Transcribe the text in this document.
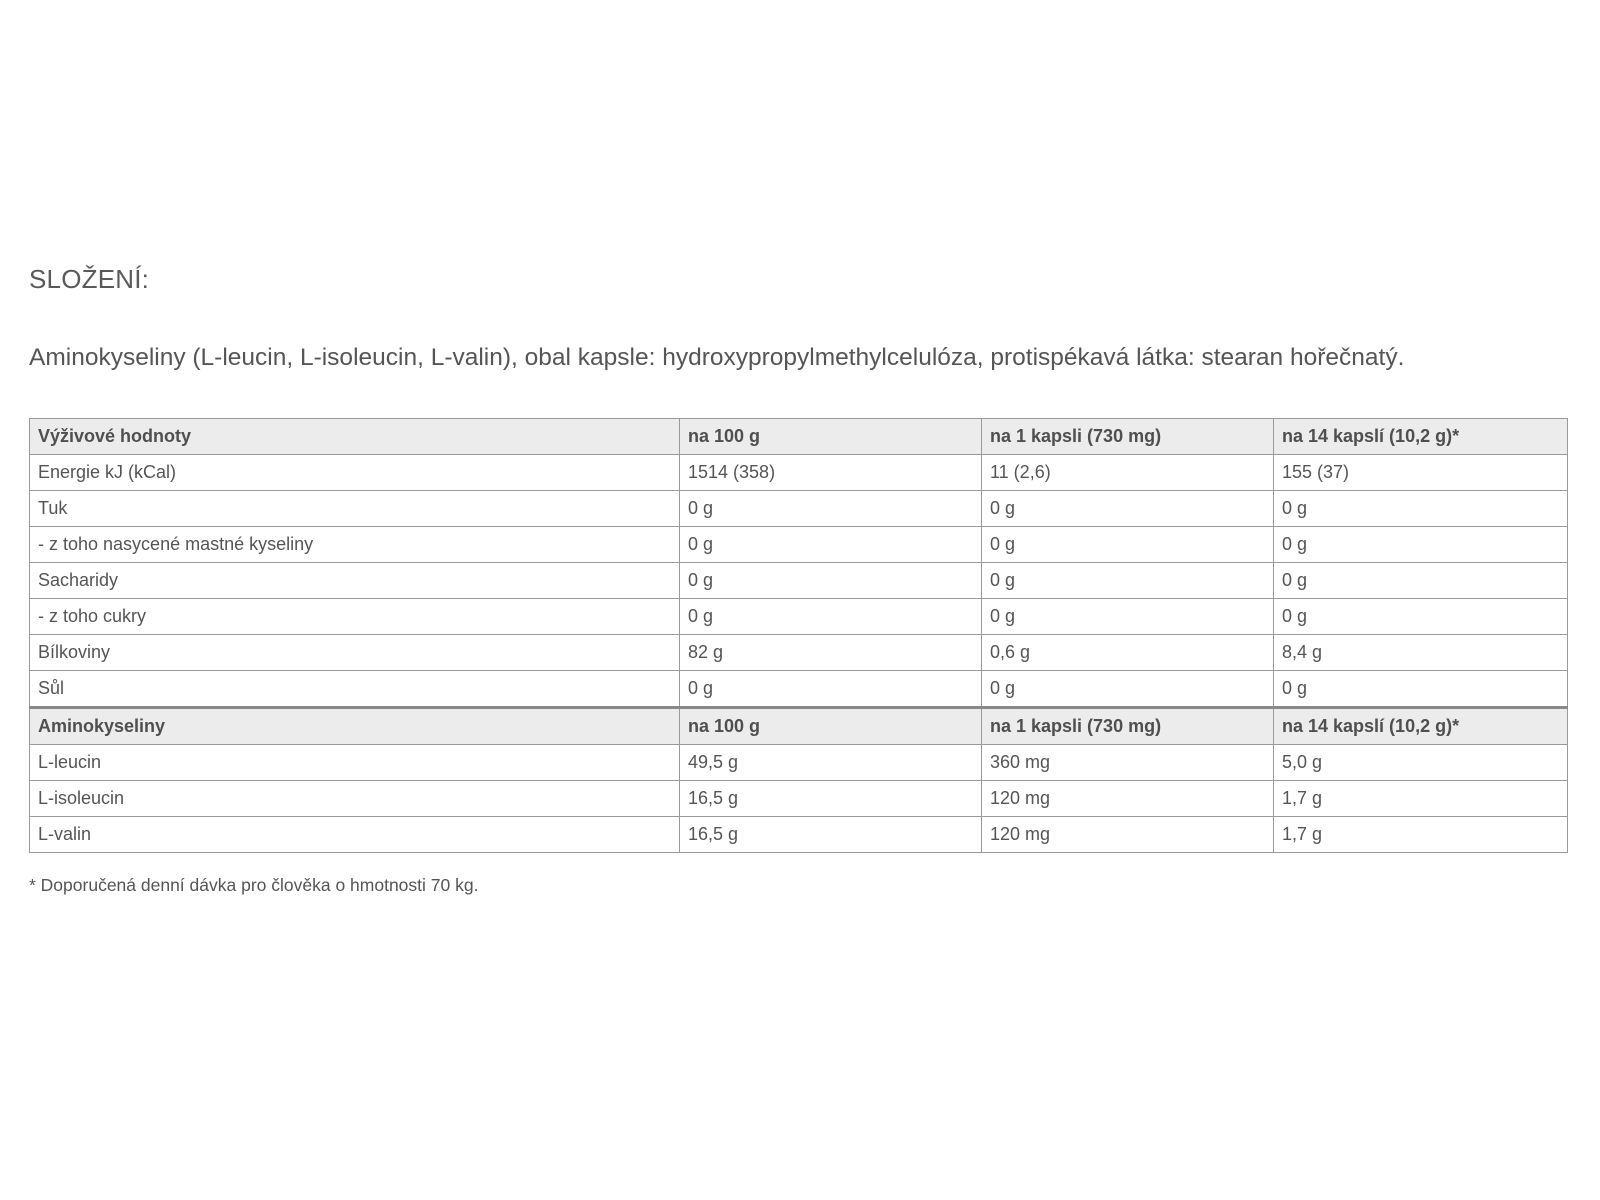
SLOŽENÍ:
Aminokyseliny (L-leucin, L-isoleucin, L-valin), obal kapsle: hydroxypropylmethylcelulóza, protispékavá látka: stearan hořečnatý.
Výživové hodnoty	na 100 g	na 1 kapsli (730 mg)	na 14 kapslí (10,2 g)*
Energie kJ (kCal)	1514 (358)	11 (2,6)	155 (37)
Tuk	0 g	0 g	0 g
- z toho nasycené mastné kyseliny	0 g	0 g	0 g
Sacharidy	0 g	0 g	0 g
- z toho cukry	0 g	0 g	0 g
Bílkoviny	82 g	0,6 g	8,4 g
Sůl	0 g	0 g	0 g
Aminokyseliny	na 100 g	na 1 kapsli (730 mg)	na 14 kapslí (10,2 g)*
L-leucin	49,5 g	360 mg	5,0 g
L-isoleucin	16,5 g	120 mg	1,7 g
L-valin	16,5 g	120 mg	1,7 g
* Doporučená denní dávka pro člověka o hmotnosti 70 kg.
